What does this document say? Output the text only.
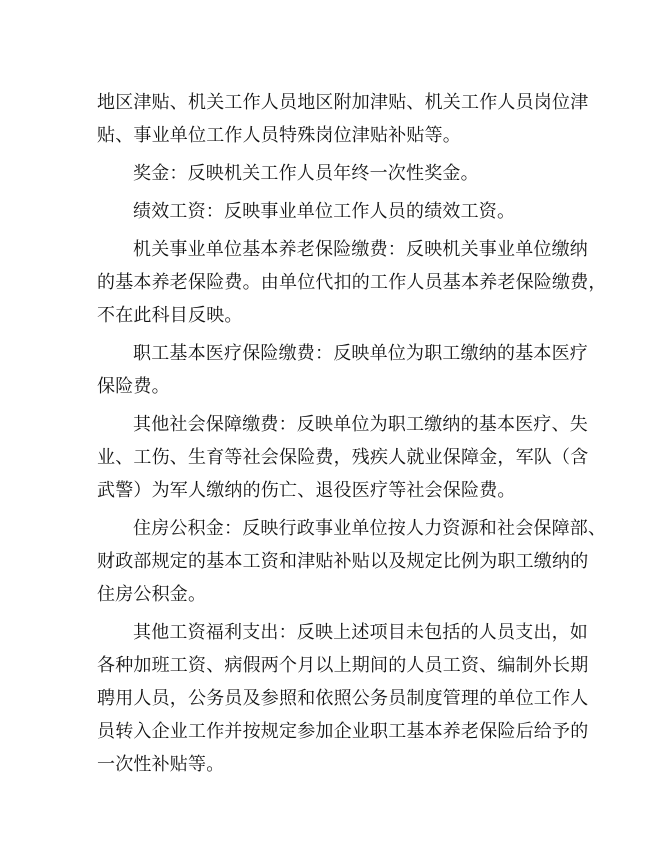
地区津贴、机关工作人员地区附加津贴、机关工作人员岗位津
贴、事业单位工作人员特殊岗位津贴补贴等。

奖金：反映机关工作人员年终一次性奖金。

绩效工资：反映事业单位工作人员的绩效工资。

机关事业单位基本养老保险缴费：反映机关事业单位缴纳
的基本养老保险费。由单位代扣的工作人员基本养老保险缴费，
不在此科目反映。

职工基本医疗保险缴费：反映单位为职工缴纳的基本医疗
保险费。

其他社会保障缴费：反映单位为职工缴纳的基本医疗、失
业、工伤、生育等社会保险费，残疾人就业保障金，军队（含
武警）为军人缴纳的伤亡、退役医疗等社会保险费。

住房公积金：反映行政事业单位按人力资源和社会保障部、
财政部规定的基本工资和津贴补贴以及规定比例为职工缴纳的
住房公积金。

其他工资福利支出：反映上述项目未包括的人员支出，如
各种加班工资、病假两个月以上期间的人员工资、编制外长期
聘用人员，公务员及参照和依照公务员制度管理的单位工作人
员转入企业工作并按规定参加企业职工基本养老保险后给予的
一次性补贴等。
